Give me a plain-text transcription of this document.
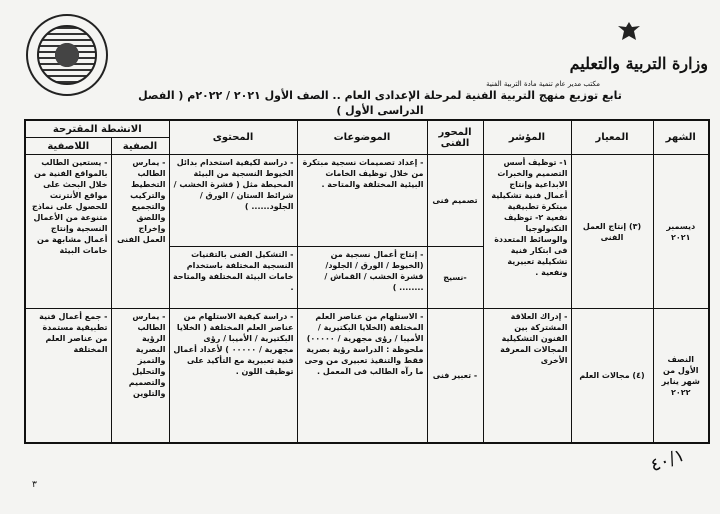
وزارة التربية والتعليم
مكتب مدير عام تنمية مادة التربية الفنية
تابع توزيع منهج التربية الفنية لمرحلة الإعدادى العام .. الصف الأول ٢٠٢١ / ٢٠٢٢م ( الفصل الدراسى الأول )
الشهر	المعيار	المؤشر	المحور الفنى	الموضوعات	المحتوى	الانشطة المقترحة	
						الصفية	اللاصفية
ديسمبر ٢٠٢١	(٣) إنتاج العمل الفنى	١- توظيف أسس التصميم والخبرات الابداعية وإنتاج أعمال فنية تشكيلية مبتكرة تطبيقية نفعية ٢- توظيف التكنولوجيا والوسائط المتعددة فى ابتكار فنية تشكيلية تعبيرية ونفعية .	تصميم فنى	- إعداد تصميمات نسجية مبتكرة من خلال توظيف الخامات البيئية المختلفة والمتاحة .	- دراسة لكيفية استخدام بدائل الخيوط النسجية من البيئة المحيطة مثل ( قشرة الخشب / شرائط الستان / الورق / الجلود...... )	- يمارس الطالب التخطيط والتركيب والتجميع واللصق وإخراج العمل الفنى	- يستعين الطالب بالمواقع الفنية من خلال البحث على مواقع الأنترنت للحصول على نماذج متنوعة من الأعمال النسجية وإنتاج أعمال مشابهة من خامات البيئة
			-نسيج	- إنتاج أعمال نسجية من (الخيوط / الورق / الجلود/ قشرة الخشب / القماش / ........ )	- التشكيل الفنى بالتقنيات النسجية المختلفة باستخدام خامات البيئة المختلفة والمتاحة .		
النصف الأول من شهر يناير ٢٠٢٢	(٤) مجالات العلم	- إدراك العلاقة المشتركة بين الفنون التشكيلية المجالات المعرفة الأخرى	- تعبير فنى	- الاستلهام من عناصر العلم المختلفة (الخلايا البكتيرية / الأميبا / رؤى مجهرية / ٠٠٠٠٠) ملحوظة : الدراسة رؤية بصرية فقط والتنفيذ تعبيرى من وحى ما رآه الطالب فى المعمل .	- دراسة كيفية الاستلهام من عناصر العلم المختلفة ( الخلايا البكتيرية / الأميبا / رؤى مجهرية / ٠٠٠٠٠ ) لأعداد أعمال فنية تعبيرية مع التأكيد على توظيف اللون .	- يمارس الطالب الرؤية البصرية والتميز والتحليل والتصميم والتلوين	- جمع أعمال فنية تطبيقية مستمدة من عناصر العلم المختلفة
٤٠/١
٣
